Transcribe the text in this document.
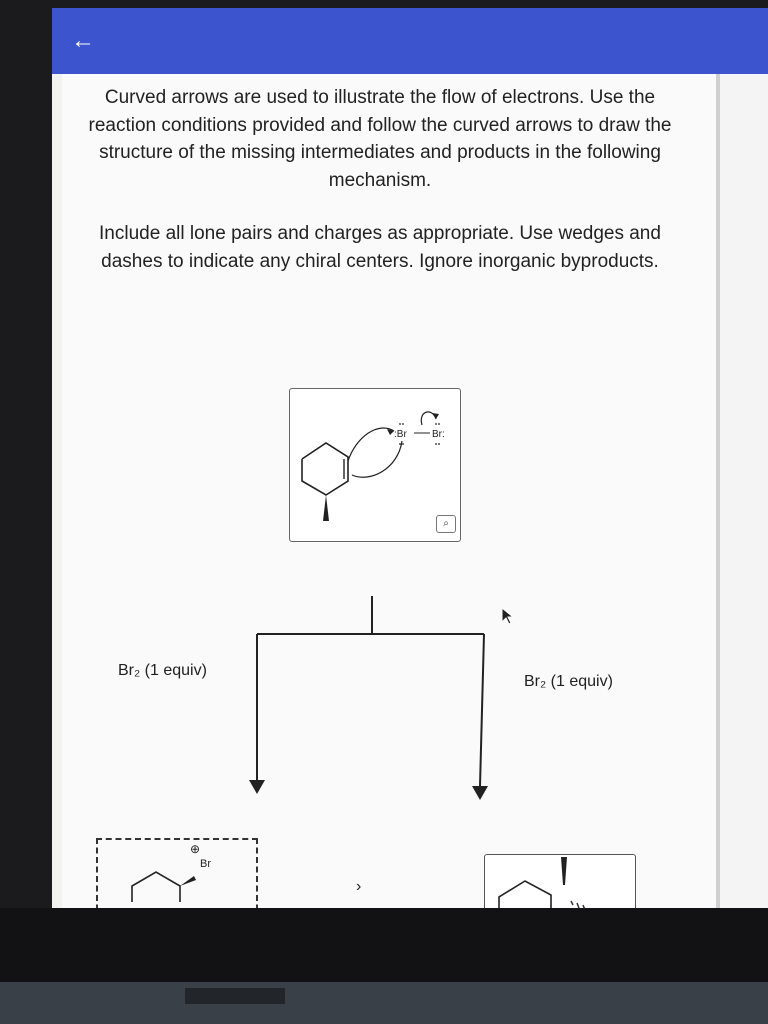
←

Curved arrows are used to illustrate the flow of electrons. Use the reaction conditions provided and follow the curved arrows to draw the structure of the missing intermediates and products in the following mechanism.

Include all lone pairs and charges as appropriate. Use wedges and dashes to indicate any chiral centers. Ignore inorganic byproducts.

:Br	Br:
⌕
Br₂ (1 equiv)
Br₂ (1 equiv)
⊕
Br
›
